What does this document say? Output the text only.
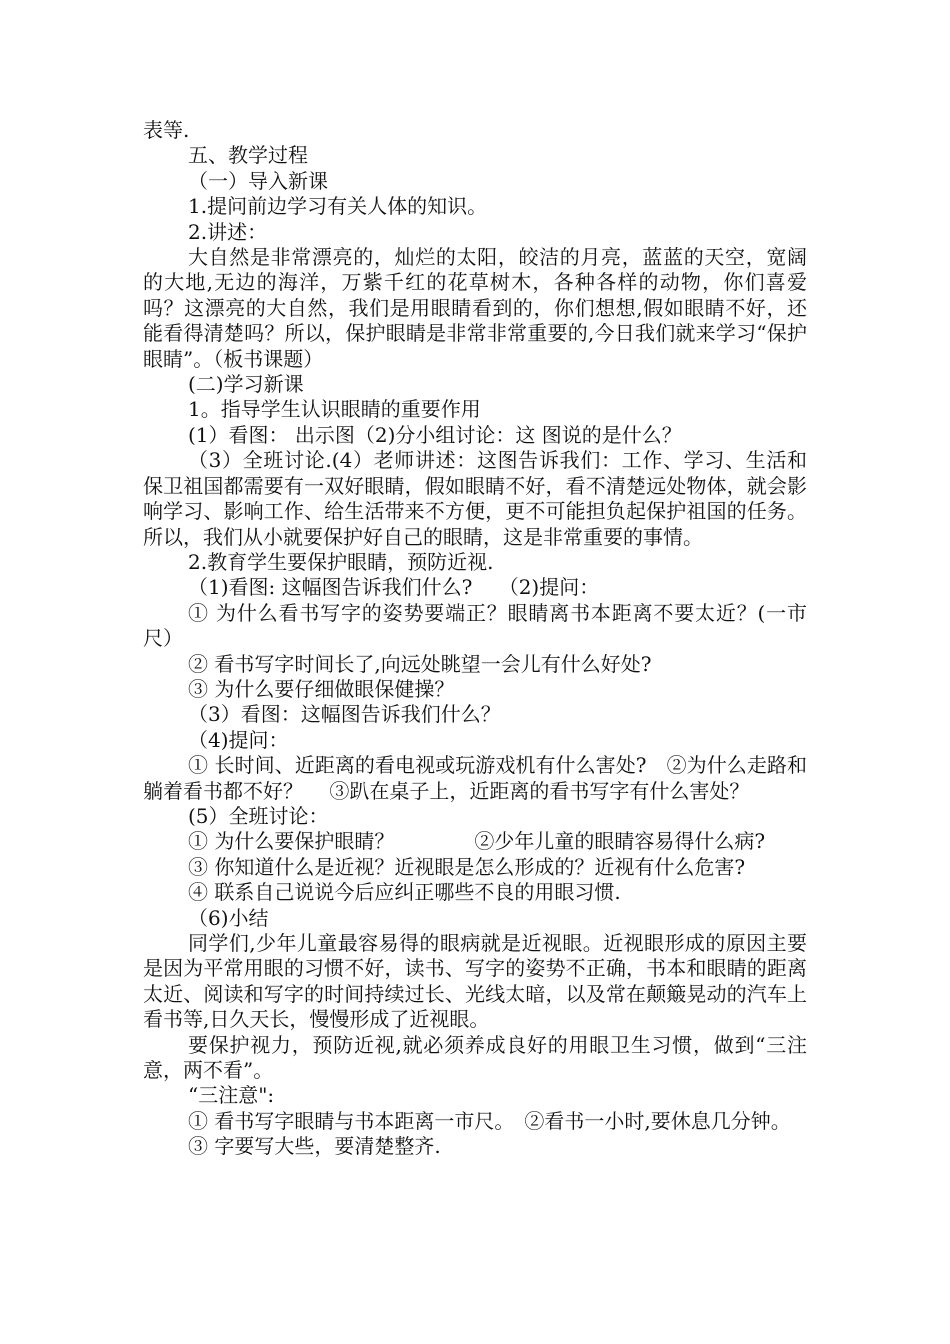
表等.

五、教学过程

（一）导入新课

1.提问前边学习有关人体的知识。

2.讲述：

大自然是非常漂亮的，灿烂的太阳，皎洁的月亮，蓝蓝的天空，宽阔的大地,无边的海洋，万紫千红的花草树木，各种各样的动物，你们喜爱吗？这漂亮的大自然，我们是用眼睛看到的，你们想想,假如眼睛不好，还能看得清楚吗？所以，保护眼睛是非常非常重要的,今日我们就来学习“保护眼睛”。（板书课题）

(二)学习新课

1。指导学生认识眼睛的重要作用

(1）看图： 出示图（2)分小组讨论：这 图说的是什么？

（3）全班讨论.(4）老师讲述：这图告诉我们：工作、学习、生活和保卫祖国都需要有一双好眼睛，假如眼睛不好，看不清楚远处物体，就会影响学习、影响工作、给生活带来不方便，更不可能担负起保护祖国的任务。所以，我们从小就要保护好自己的眼睛，这是非常重要的事情。

2.教育学生要保护眼睛，预防近视.

（1)看图: 这幅图告诉我们什么?　 （2)提问：

① 为什么看书写字的姿势要端正？眼睛离书本距离不要太近？(一市尺）

② 看书写字时间长了,向远处眺望一会儿有什么好处?

③ 为什么要仔细做眼保健操？

（3）看图：这幅图告诉我们什么？

（4)提问：

① 长时间、近距离的看电视或玩游戏机有什么害处?　②为什么走路和躺着看书都不好？　 ③趴在桌子上，近距离的看书写字有什么害处？

(5）全班讨论：

① 为什么要保护眼睛？　　　　②少年儿童的眼睛容易得什么病?

③ 你知道什么是近视？近视眼是怎么形成的？近视有什么危害?

④ 联系自己说说今后应纠正哪些不良的用眼习惯.

（6)小结

同学们,少年儿童最容易得的眼病就是近视眼。近视眼形成的原因主要是因为平常用眼的习惯不好，读书、写字的姿势不正确，书本和眼睛的距离太近、阅读和写字的时间持续过长、光线太暗，以及常在颠簸晃动的汽车上看书等,日久天长，慢慢形成了近视眼。

要保护视力，预防近视,就必须养成良好的用眼卫生习惯，做到“三注意，两不看”。

“三注意":

① 看书写字眼睛与书本距离一市尺。　②看书一小时,要休息几分钟。

③ 字要写大些，要清楚整齐.
